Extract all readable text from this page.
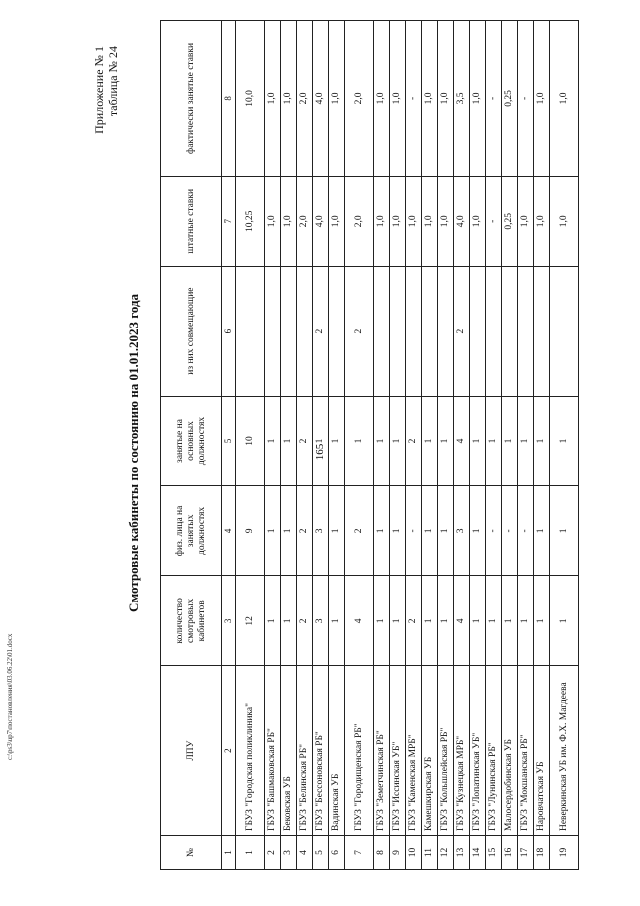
165
Приложение № 1 таблица № 24
Смотровые кабинеты по состоянию на 01.01.2023 года
№	ЛПУ	количество смотровых кабинетов	физ. лица на занятых должностях	занятые на основных должностях	из них совмещающие	штатные ставки	фактически занятые ставки
1	2	3	4	5	6	7	8
1	ГБУЗ "Городская поликлиника"	12	9	10		10,25	10,0
2	ГБУЗ "Башмаковская РБ"	1	1	1		1,0	1,0
3	Бековская УБ	1	1	1		1,0	1,0
4	ГБУЗ "Белинская РБ"	2	2	2		2,0	2,0
5	ГБУЗ "Бессоновская РБ"	3	3	1	2	4,0	4,0
6	Вадинская УБ	1	1	1		1,0	1,0
7	ГБУЗ "Городищенская РБ"	4	2	1	2	2,0	2,0
8	ГБУЗ "Земетчинская РБ"	1	1	1		1,0	1,0
9	ГБУЗ "Иссинская УБ"	1	1	1		1,0	1,0
10	ГБУЗ "Каменская МРБ"	2	-	2		1,0	-
11	Камешкирская УБ	1	1	1		1,0	1,0
12	ГБУЗ "Кольшлейская РБ"	1	1	1		1,0	1,0
13	ГБУЗ "Кузнецкая МРБ"	4	3	4	2	4,0	3,5
14	ГБУЗ "Лопатинская УБ"	1	1	1		1,0	1,0
15	ГБУЗ "Лунинская РБ"	1	-	1		-	-
16	Малосердобинская УБ	1	-	1		0,25	0,25
17	ГБУЗ "Мокшанская РБ"	1	-	1		1,0	-
18	Наровчатская УБ	1	1	1		1,0	1,0
19	Неверкинская УБ им. Ф.Х. Магдеева	1	1	1		1,0	1,0
c:\ps3\up7\постановления\03.06.22\01.docx
